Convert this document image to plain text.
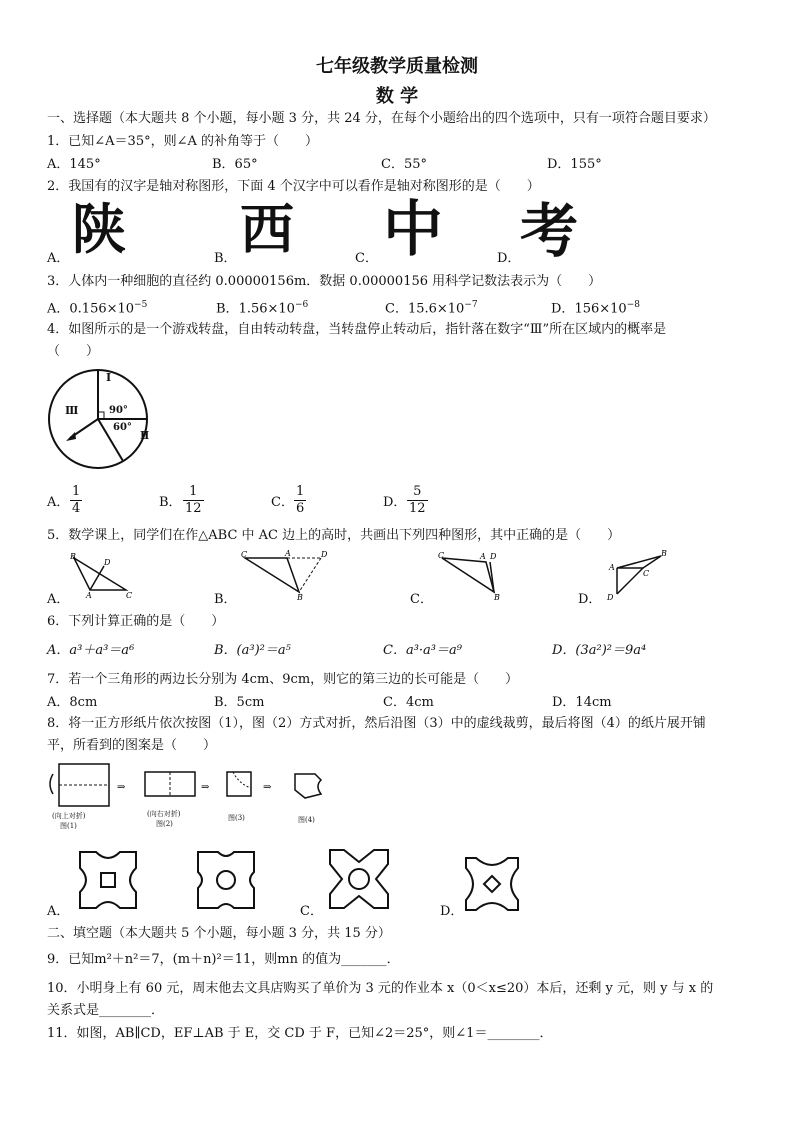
七年级教学质量检测
数 学
一、选择题（本大题共 8 个小题，每小题 3 分，共 24 分，在每个小题给出的四个选项中，只有一项符合题目要求）
1．已知∠A＝35°，则∠A 的补角等于（　　）
A．145°	B．65°	C．55°	D．155°
2．我国有的汉字是轴对称图形，下面 4 个汉字中可以看作是轴对称图形的是（　　）
A． 陕	B． 西	C． 中	D． 考
3．人体内一种细胞的直径约 0.00000156m．数据 0.00000156 用科学记数法表示为（　　）
A．$0.156\times 10^{-5}$	B．$1.56\times 10^{-6}$	C．$15.6\times 10^{-7}$	D．$156\times 10^{-8}$
4．如图所示的是一个游戏转盘，自由转动转盘，当转盘停止转动后，指针落在数字“Ⅲ”所在区域内的概率是
（　　）
Ⅰ
Ⅱ
Ⅲ	90°
60°
A． $\frac{1}{4}$	B． $\frac{1}{12}$	C． $\frac{1}{6}$	D． $\frac{5}{12}$
5．数学课上，同学们在作△ABC 中 AC 边上的高时，共画出下列四种图形，其中正确的是（　　）
B
D
C
A
C	A	D
B
C	A D
B
A
B
C
D
A．	B．	C．	D．
6．下列计算正确的是（　　）
A．a³＋a³＝a⁶	B．(a³)²＝a⁵	C．a³·a³＝a⁹	D．(3a²)²＝9a⁴
7．若一个三角形的两边长分别为 4cm、9cm，则它的第三边的长可能是（　　）
A．8cm	B．5cm	C．4cm	D．14cm
8．将一正方形纸片依次按图（1），图（2）方式对折，然后沿图（3）中的虚线裁剪，最后将图（4）的纸片展开铺
平，所看到的图案是（　　）
⇒	⇒	⇒
(向上对折)
图(1)
(向右对折)
图(2)
图(3)	图(4)
A．	C．	D．
二、填空题（本大题共 5 个小题，每小题 3 分，共 15 分）
9．已知m²＋n²＝7，(m＋n)²＝11，则mn 的值为_______．
10．小明身上有 60 元，周末他去文具店购买了单价为 3 元的作业本 x（0＜x≤20）本后，还剩 y 元，则 y 与 x 的
关系式是________．
11．如图，AB∥CD，EF⊥AB 于 E，交 CD 于 F，已知∠2＝25°，则∠1＝________．
